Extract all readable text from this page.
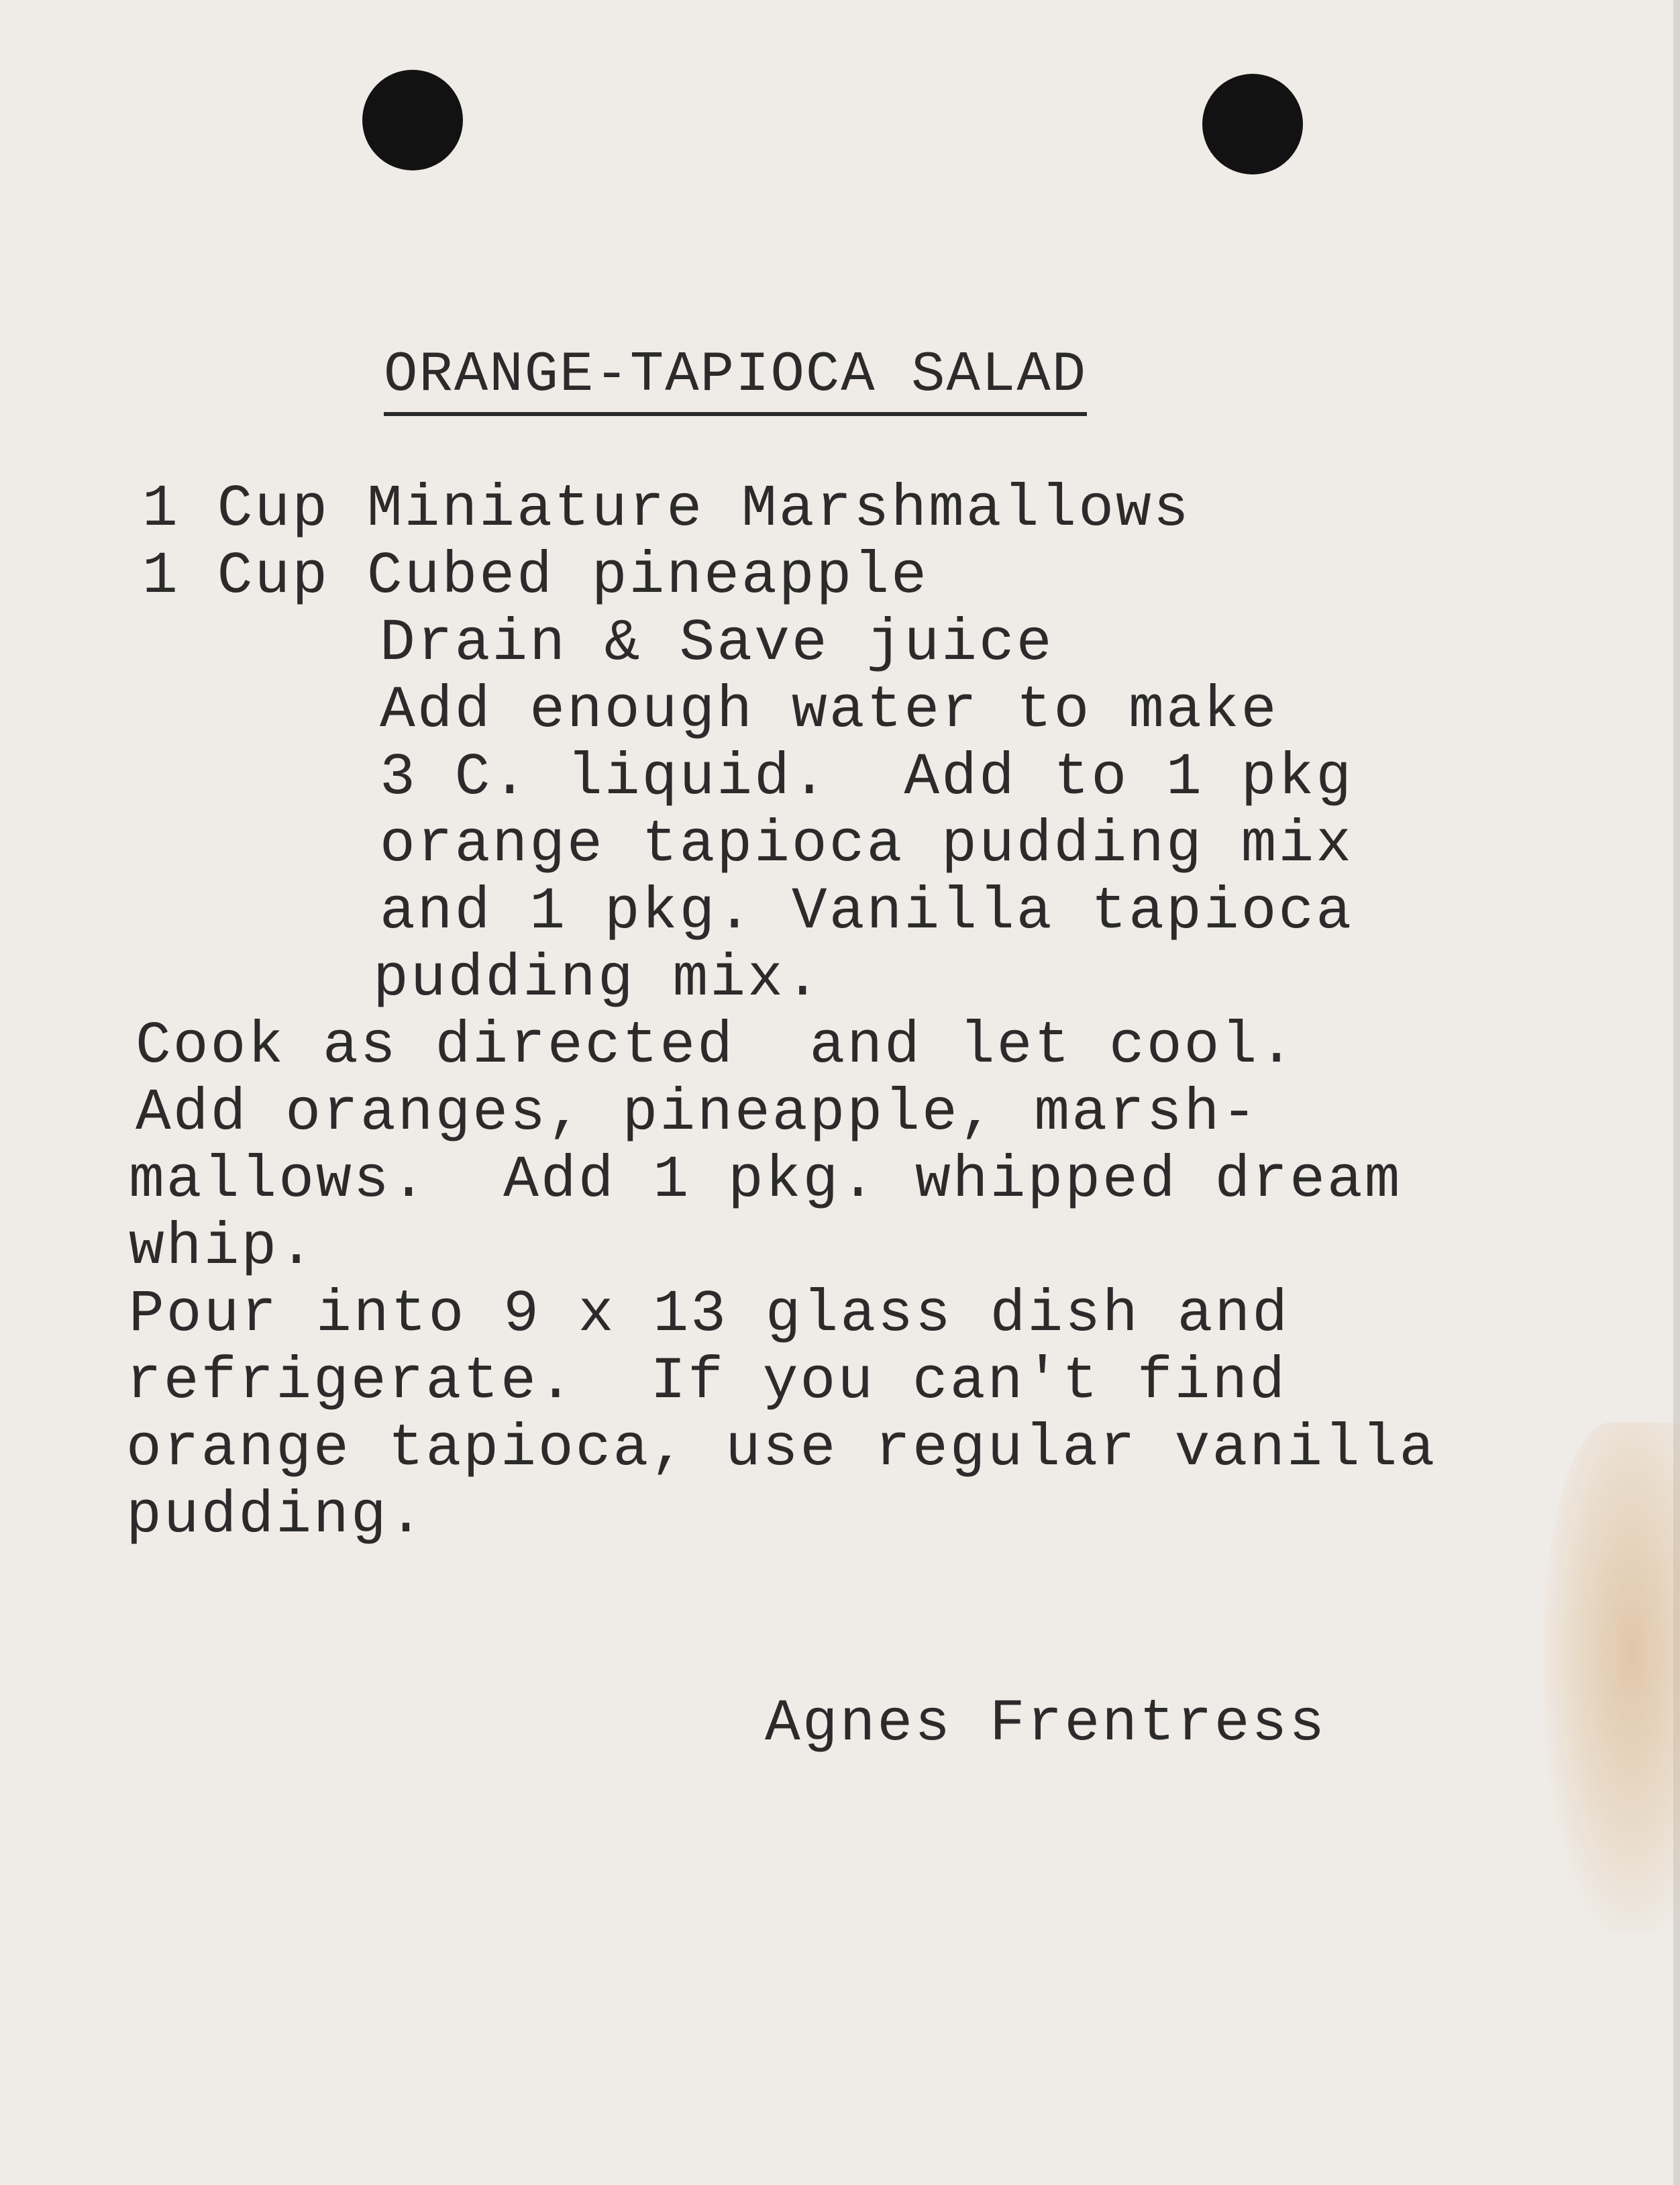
ORANGE-TAPIOCA SALAD

1 Cup Miniature Marshmallows

1 Cup Cubed pineapple

Drain & Save juice

Add enough water to make

3 C. liquid.  Add to 1 pkg

orange tapioca pudding mix

and 1 pkg. Vanilla tapioca

pudding mix.

Cook as directed  and let cool.

Add oranges, pineapple, marsh-

mallows.  Add 1 pkg. whipped dream

whip.

Pour into 9 x 13 glass dish and

refrigerate.  If you can't find

orange tapioca, use regular vanilla

pudding.

Agnes Frentress
